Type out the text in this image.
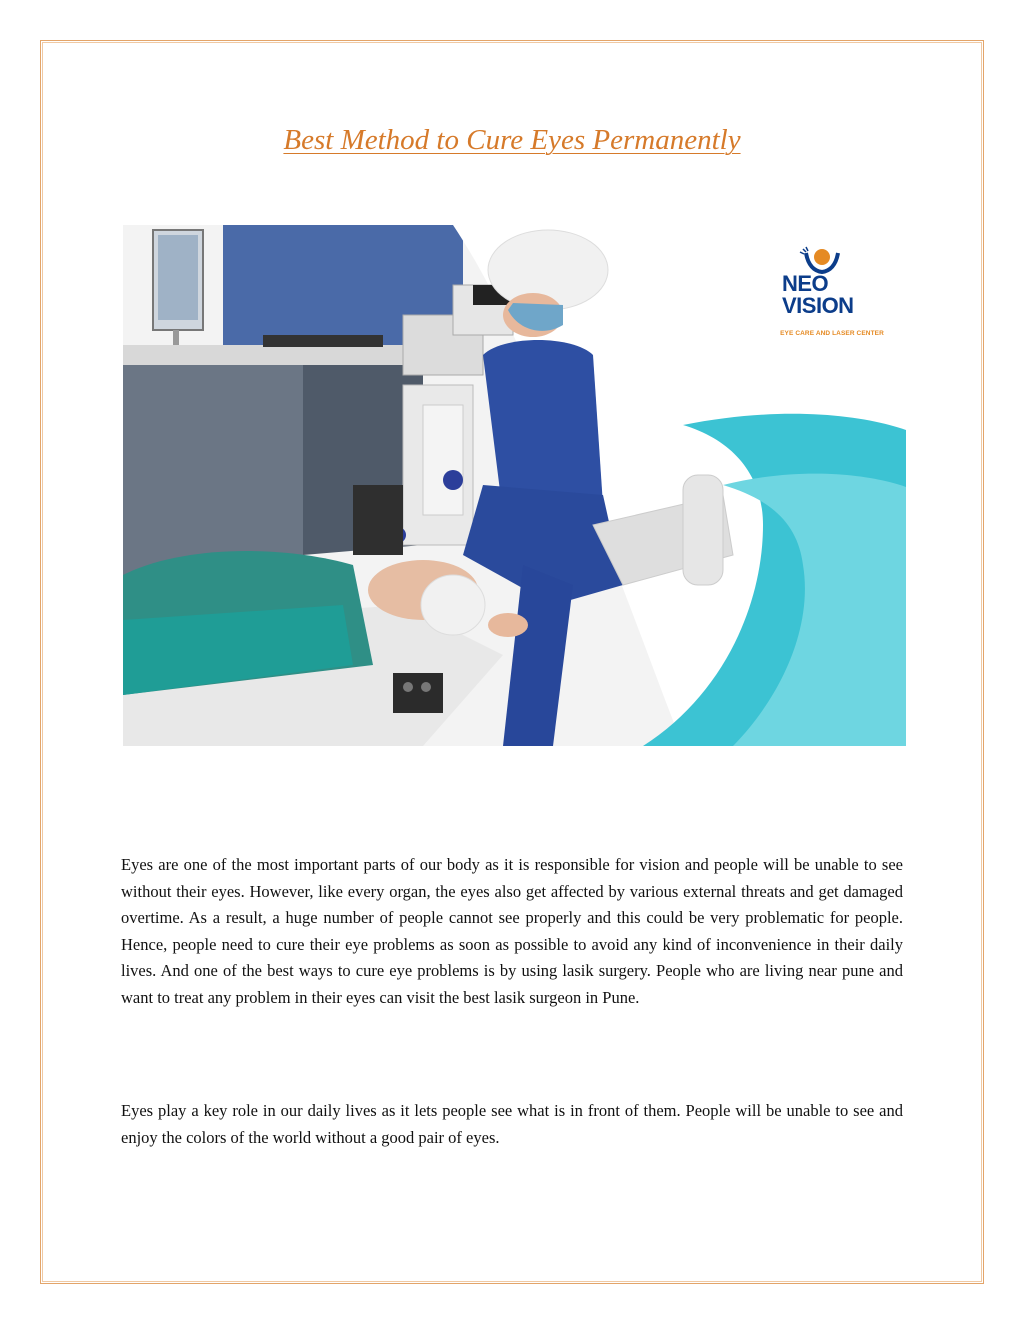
Best Method to Cure Eyes Permanently
NEO
VISION
EYE CARE AND LASER CENTER
Eyes are one of the most important parts of our body as it is responsible for vision and people will be unable to see without their eyes. However, like every organ, the eyes also get affected by various external threats and get damaged overtime. As a result, a huge number of people cannot see properly and this could be very problematic for people. Hence, people need to cure their eye problems as soon as possible to avoid any kind of inconvenience in their daily lives. And one of the best ways to cure eye problems is by using lasik surgery. People who are living near pune and want to treat any problem in their eyes can visit the best lasik surgeon in Pune.
Eyes play a key role in our daily lives as it lets people see what is in front of them. People will be unable to see and enjoy the colors of the world without a good pair of eyes.
